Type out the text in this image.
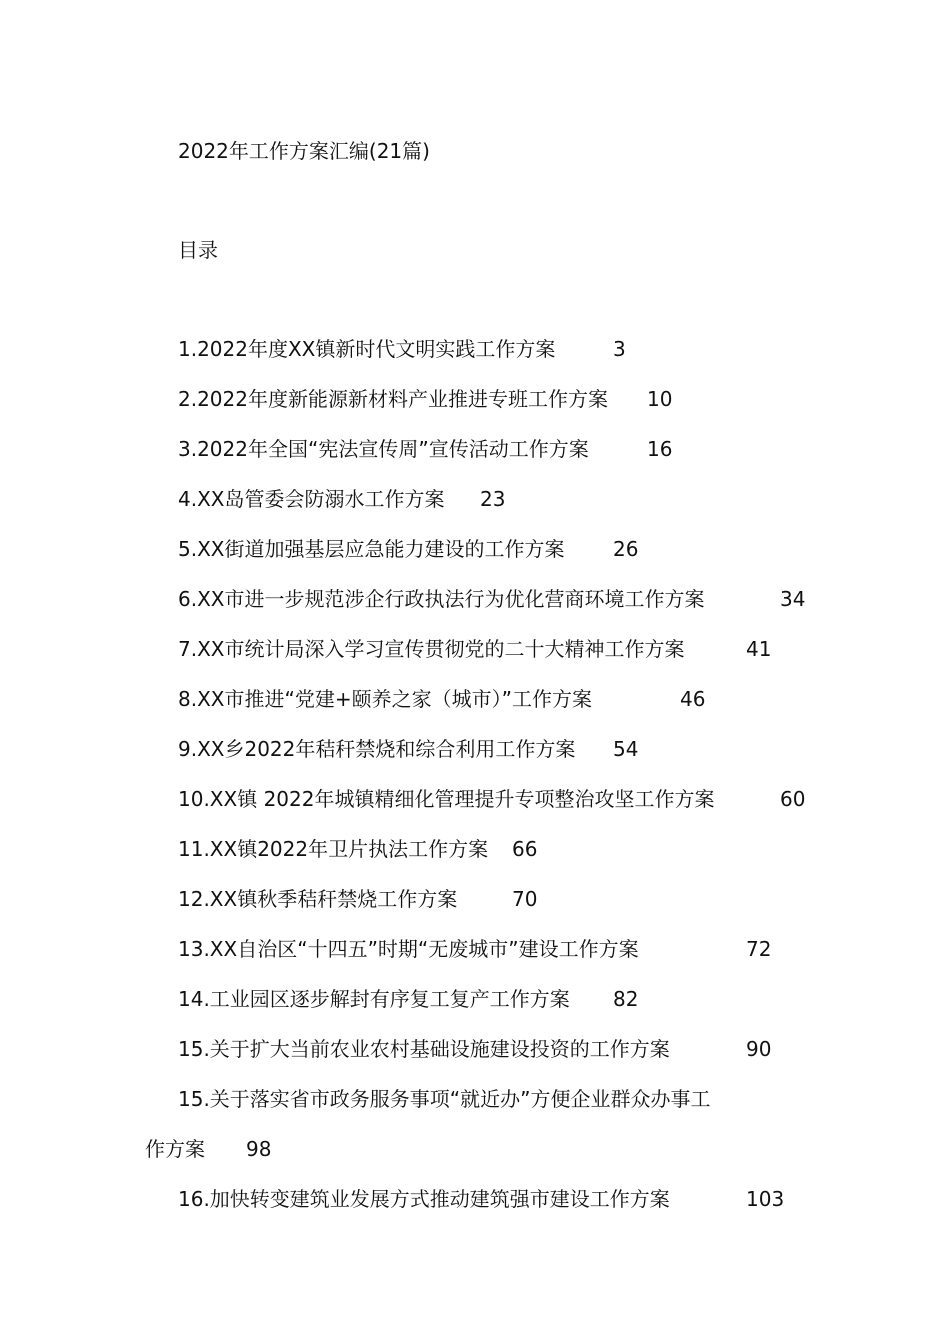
2022年工作方案汇编(21篇)
目录
1.2022年度XX镇新时代文明实践工作方案	3
2.2022年度新能源新材料产业推进专班工作方案 10
3.2022年全国“宪法宣传周”宣传活动工作方案	16
4.XX岛管委会防溺水工作方案 23
5.XX街道加强基层应急能力建设的工作方案 26
6.XX市进一步规范涉企行政执法行为优化营商环境工作方案	34
7.XX市统计局深入学习宣传贯彻党的二十大精神工作方案	41
8.XX市推进“党建+颐养之家（城市）”工作方案	46
9.XX乡2022年秸秆禁烧和综合利用工作方案 54
10.XX镇 2022年城镇精细化管理提升专项整治攻坚工作方案	60
11.XX镇2022年卫片执法工作方案 66
12.XX镇秋季秸秆禁烧工作方案	70
13.XX自治区“十四五”时期“无废城市”建设工作方案	72
14.工业园区逐步解封有序复工复产工作方案 82
15.关于扩大当前农业农村基础设施建设投资的工作方案	90
15.关于落实省市政务服务事项“就近办”方便企业群众办事工
作方案 98
16.加快转变建筑业发展方式推动建筑强市建设工作方案	103
